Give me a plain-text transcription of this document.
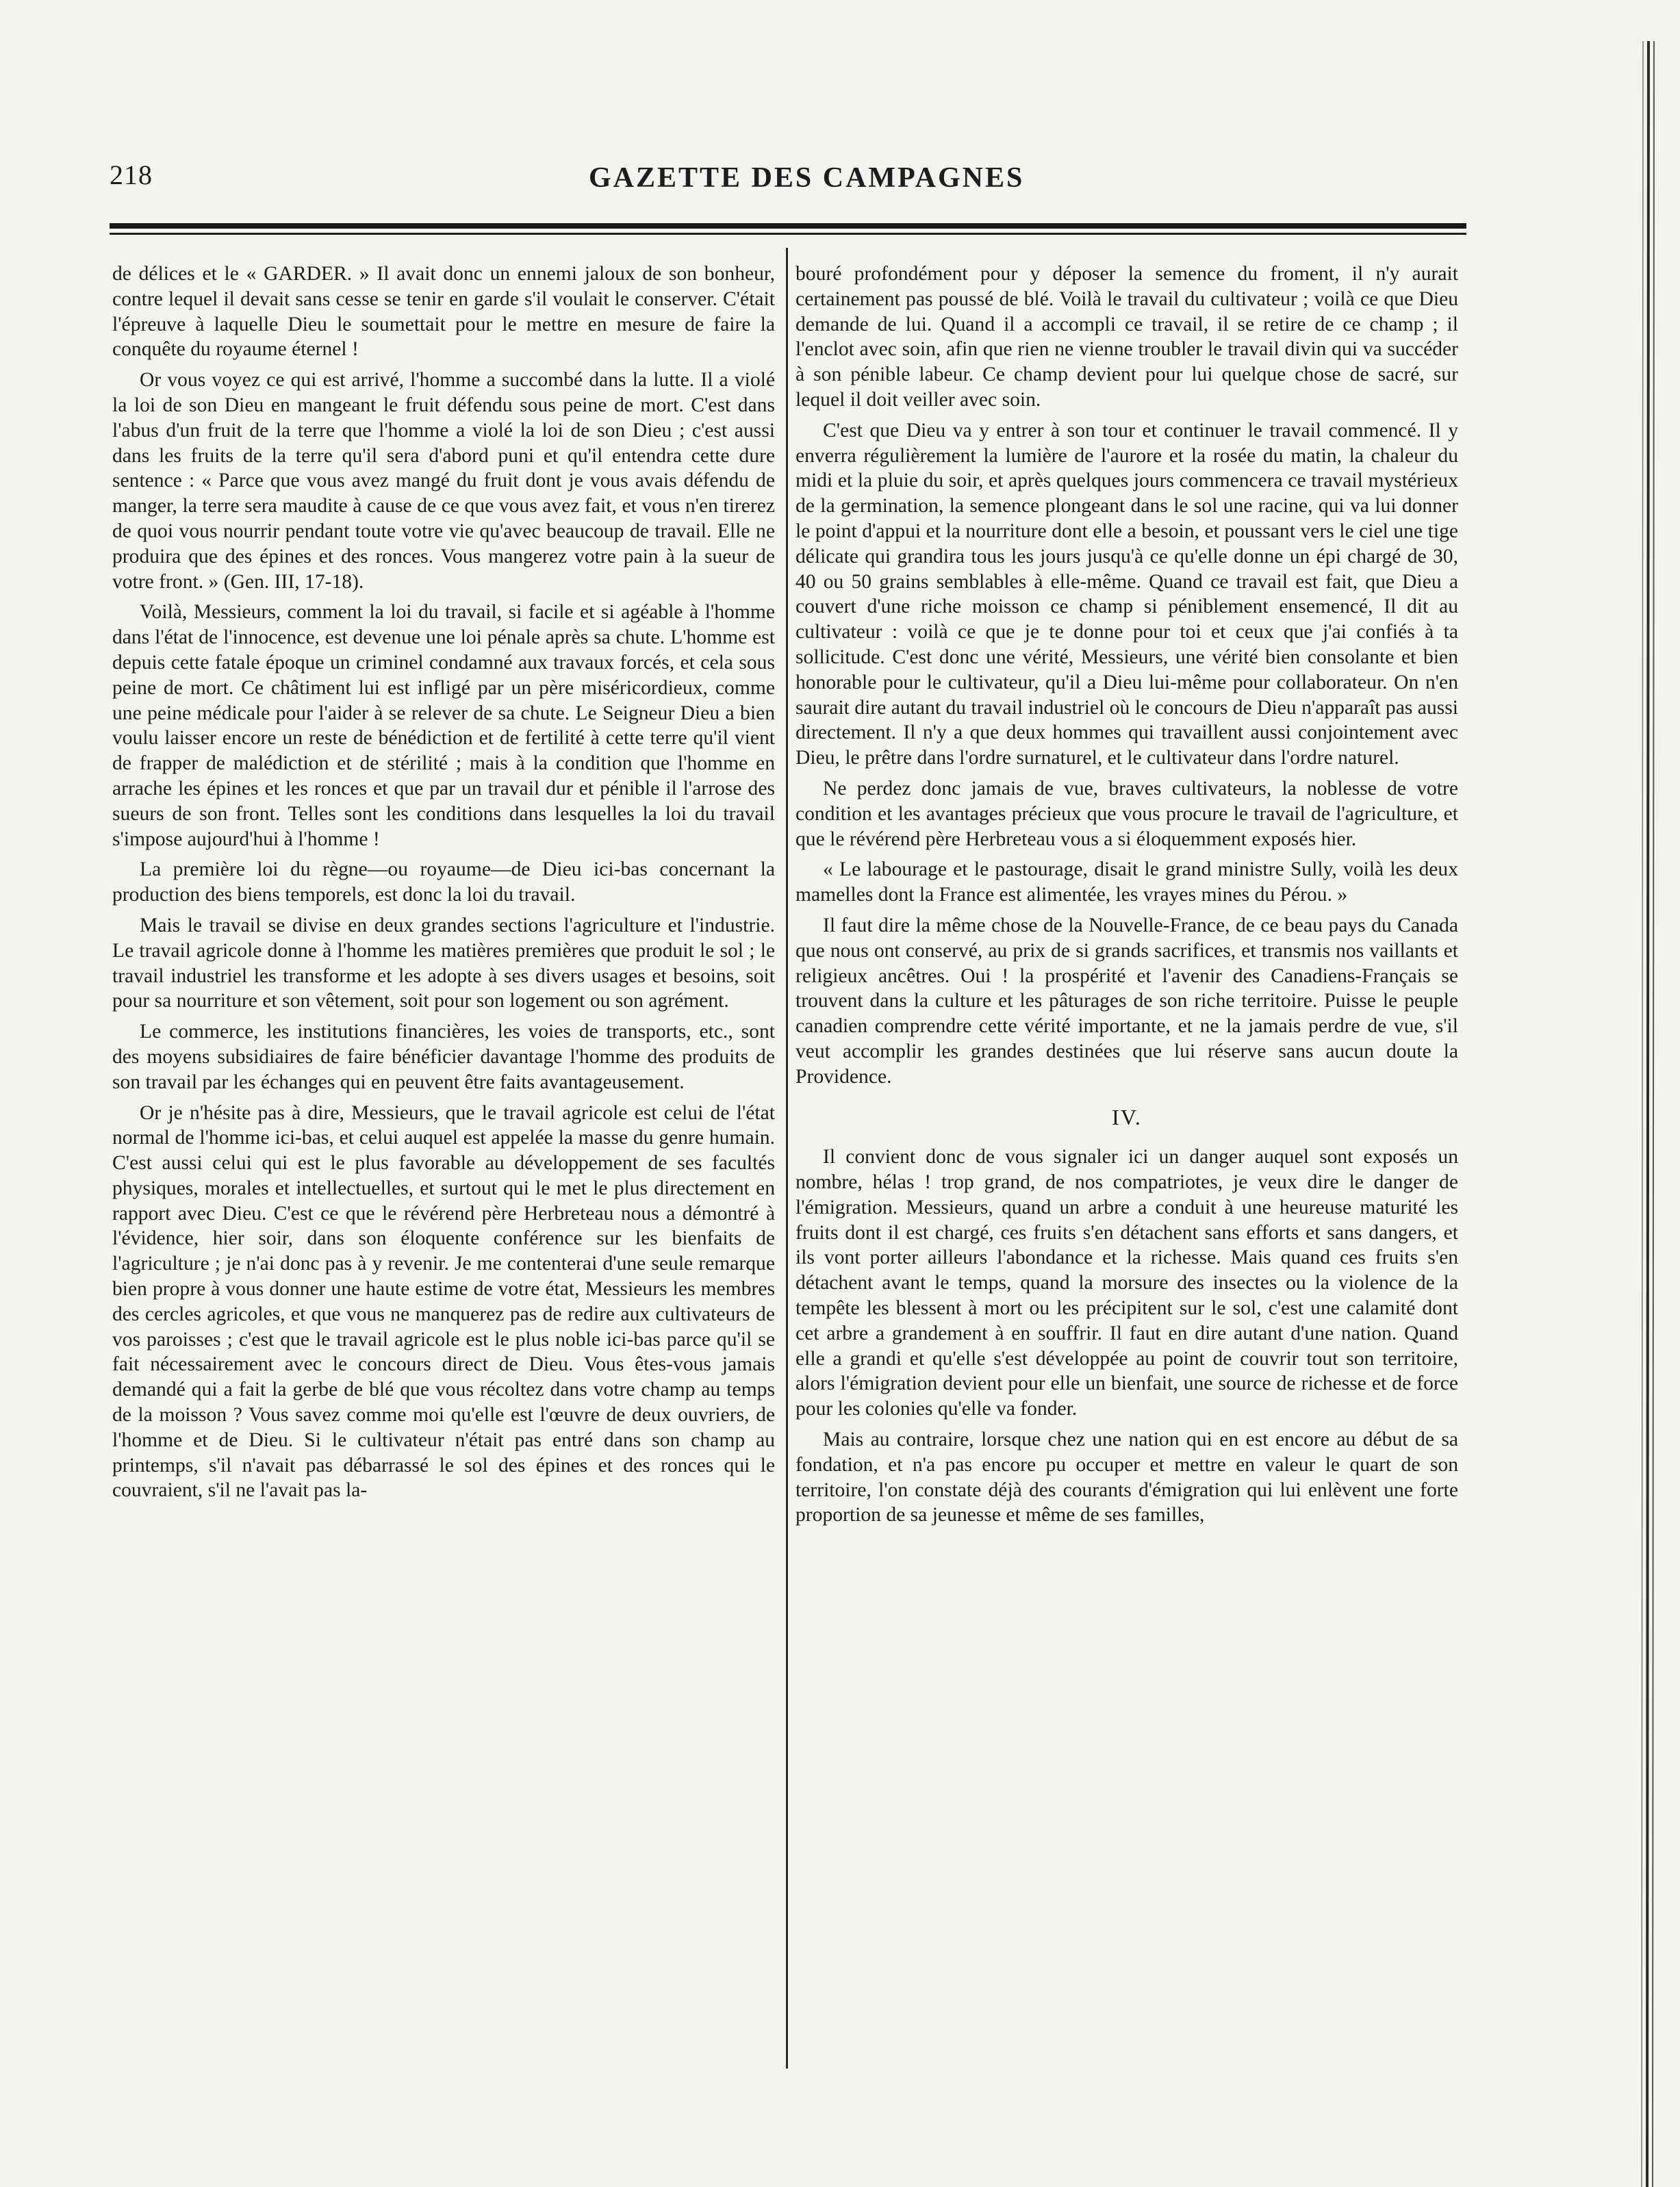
218	GAZETTE DES CAMPAGNES

de délices et le « GARDER. » Il avait donc un ennemi jaloux de son bonheur, contre lequel il devait sans cesse se tenir en garde s'il voulait le conserver. C'était l'épreuve à laquelle Dieu le soumettait pour le mettre en mesure de faire la conquête du royaume éternel !

Or vous voyez ce qui est arrivé, l'homme a succombé dans la lutte. Il a violé la loi de son Dieu en mangeant le fruit défendu sous peine de mort. C'est dans l'abus d'un fruit de la terre que l'homme a violé la loi de son Dieu ; c'est aussi dans les fruits de la terre qu'il sera d'abord puni et qu'il entendra cette dure sentence : « Parce que vous avez mangé du fruit dont je vous avais défendu de manger, la terre sera maudite à cause de ce que vous avez fait, et vous n'en tirerez de quoi vous nourrir pendant toute votre vie qu'avec beaucoup de travail. Elle ne produira que des épines et des ronces. Vous mangerez votre pain à la sueur de votre front. » (Gen. III, 17-18).

Voilà, Messieurs, comment la loi du travail, si facile et si agéable à l'homme dans l'état de l'innocence, est devenue une loi pénale après sa chute. L'homme est depuis cette fatale époque un criminel condamné aux travaux forcés, et cela sous peine de mort. Ce châtiment lui est infligé par un père miséricordieux, comme une peine médicale pour l'aider à se relever de sa chute. Le Seigneur Dieu a bien voulu laisser encore un reste de bénédiction et de fertilité à cette terre qu'il vient de frapper de malédiction et de stérilité ; mais à la condition que l'homme en arrache les épines et les ronces et que par un travail dur et pénible il l'arrose des sueurs de son front. Telles sont les conditions dans lesquelles la loi du travail s'impose aujourd'hui à l'homme !

La première loi du règne—ou royaume—de Dieu ici-bas concernant la production des biens temporels, est donc la loi du travail.

Mais le travail se divise en deux grandes sections l'agriculture et l'industrie. Le travail agricole donne à l'homme les matières premières que produit le sol ; le travail industriel les transforme et les adopte à ses divers usages et besoins, soit pour sa nourriture et son vêtement, soit pour son logement ou son agrément.

Le commerce, les institutions financières, les voies de transports, etc., sont des moyens subsidiaires de faire bénéficier davantage l'homme des produits de son travail par les échanges qui en peuvent être faits avantageusement.

Or je n'hésite pas à dire, Messieurs, que le travail agricole est celui de l'état normal de l'homme ici-bas, et celui auquel est appelée la masse du genre humain. C'est aussi celui qui est le plus favorable au développement de ses facultés physiques, morales et intellectuelles, et surtout qui le met le plus directement en rapport avec Dieu. C'est ce que le révérend père Herbreteau nous a démontré à l'évidence, hier soir, dans son éloquente conférence sur les bienfaits de l'agriculture ; je n'ai donc pas à y revenir. Je me contenterai d'une seule remarque bien propre à vous donner une haute estime de votre état, Messieurs les membres des cercles agricoles, et que vous ne manquerez pas de redire aux cultivateurs de vos paroisses ; c'est que le travail agricole est le plus noble ici-bas parce qu'il se fait nécessairement avec le concours direct de Dieu. Vous êtes-vous jamais demandé qui a fait la gerbe de blé que vous récoltez dans votre champ au temps de la moisson ? Vous savez comme moi qu'elle est l'œuvre de deux ouvriers, de l'homme et de Dieu. Si le cultivateur n'était pas entré dans son champ au printemps, s'il n'avait pas débarrassé le sol des épines et des ronces qui le couvraient, s'il ne l'avait pas la-

bouré profondément pour y déposer la semence du froment, il n'y aurait certainement pas poussé de blé. Voilà le travail du cultivateur ; voilà ce que Dieu demande de lui. Quand il a accompli ce travail, il se retire de ce champ ; il l'enclot avec soin, afin que rien ne vienne troubler le travail divin qui va succéder à son pénible labeur. Ce champ devient pour lui quelque chose de sacré, sur lequel il doit veiller avec soin.

C'est que Dieu va y entrer à son tour et continuer le travail commencé. Il y enverra régulièrement la lumière de l'aurore et la rosée du matin, la chaleur du midi et la pluie du soir, et après quelques jours commencera ce travail mystérieux de la germination, la semence plongeant dans le sol une racine, qui va lui donner le point d'appui et la nourriture dont elle a besoin, et poussant vers le ciel une tige délicate qui grandira tous les jours jusqu'à ce qu'elle donne un épi chargé de 30, 40 ou 50 grains semblables à elle-même. Quand ce travail est fait, que Dieu a couvert d'une riche moisson ce champ si péniblement ensemencé, Il dit au cultivateur : voilà ce que je te donne pour toi et ceux que j'ai confiés à ta sollicitude. C'est donc une vérité, Messieurs, une vérité bien consolante et bien honorable pour le cultivateur, qu'il a Dieu lui-même pour collaborateur. On n'en saurait dire autant du travail industriel où le concours de Dieu n'apparaît pas aussi directement. Il n'y a que deux hommes qui travaillent aussi conjointement avec Dieu, le prêtre dans l'ordre surnaturel, et le cultivateur dans l'ordre naturel.

Ne perdez donc jamais de vue, braves cultivateurs, la noblesse de votre condition et les avantages précieux que vous procure le travail de l'agriculture, et que le révérend père Herbreteau vous a si éloquemment exposés hier.

« Le labourage et le pastourage, disait le grand ministre Sully, voilà les deux mamelles dont la France est alimentée, les vrayes mines du Pérou. »

Il faut dire la même chose de la Nouvelle-France, de ce beau pays du Canada que nous ont conservé, au prix de si grands sacrifices, et transmis nos vaillants et religieux ancêtres. Oui ! la prospérité et l'avenir des Canadiens-Français se trouvent dans la culture et les pâturages de son riche territoire. Puisse le peuple canadien comprendre cette vérité importante, et ne la jamais perdre de vue, s'il veut accomplir les grandes destinées que lui réserve sans aucun doute la Providence.

IV.

Il convient donc de vous signaler ici un danger auquel sont exposés un nombre, hélas ! trop grand, de nos compatriotes, je veux dire le danger de l'émigration. Messieurs, quand un arbre a conduit à une heureuse maturité les fruits dont il est chargé, ces fruits s'en détachent sans efforts et sans dangers, et ils vont porter ailleurs l'abondance et la richesse. Mais quand ces fruits s'en détachent avant le temps, quand la morsure des insectes ou la violence de la tempête les blessent à mort ou les précipitent sur le sol, c'est une calamité dont cet arbre a grandement à en souffrir. Il faut en dire autant d'une nation. Quand elle a grandi et qu'elle s'est développée au point de couvrir tout son territoire, alors l'émigration devient pour elle un bienfait, une source de richesse et de force pour les colonies qu'elle va fonder.

Mais au contraire, lorsque chez une nation qui en est encore au début de sa fondation, et n'a pas encore pu occuper et mettre en valeur le quart de son territoire, l'on constate déjà des courants d'émigration qui lui enlèvent une forte proportion de sa jeunesse et même de ses familles,
